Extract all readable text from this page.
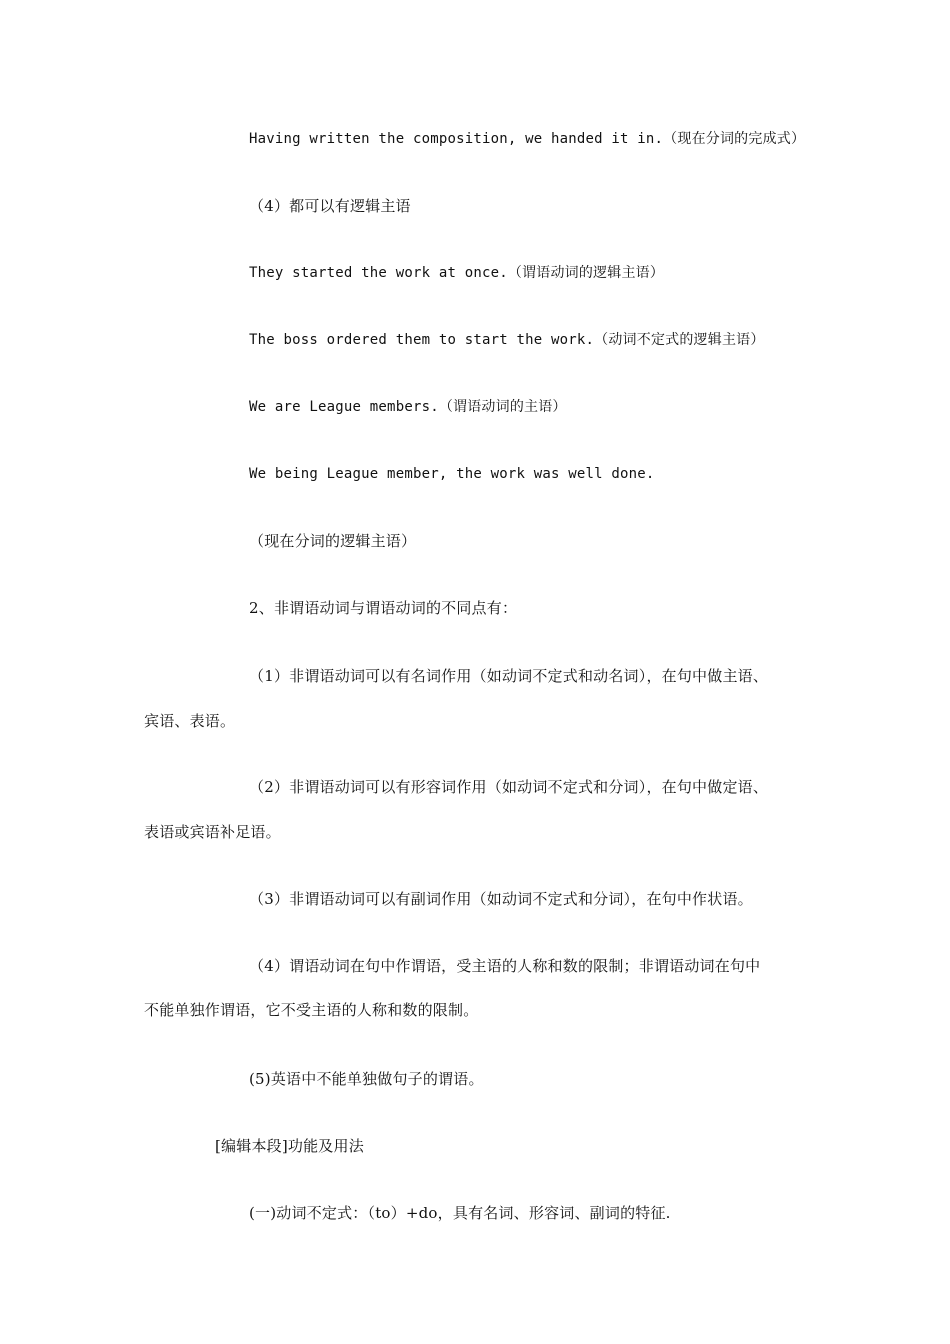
Having written the composition, we handed it in.（现在分词的完成式）
（4）都可以有逻辑主语
They started the work at once.（谓语动词的逻辑主语）
The boss ordered them to start the work.（动词不定式的逻辑主语）
We are League members.（谓语动词的主语）
We being League member, the work was well done.
（现在分词的逻辑主语）
2、非谓语动词与谓语动词的不同点有：
（1）非谓语动词可以有名词作用（如动词不定式和动名词），在句中做主语、
宾语、表语。
（2）非谓语动词可以有形容词作用（如动词不定式和分词），在句中做定语、
表语或宾语补足语。
（3）非谓语动词可以有副词作用（如动词不定式和分词），在句中作状语。
（4）谓语动词在句中作谓语，受主语的人称和数的限制；非谓语动词在句中
不能单独作谓语，它不受主语的人称和数的限制。
(5)英语中不能单独做句子的谓语。
[编辑本段]功能及用法
(一)动词不定式：（to）+do，具有名词、形容词、副词的特征.
